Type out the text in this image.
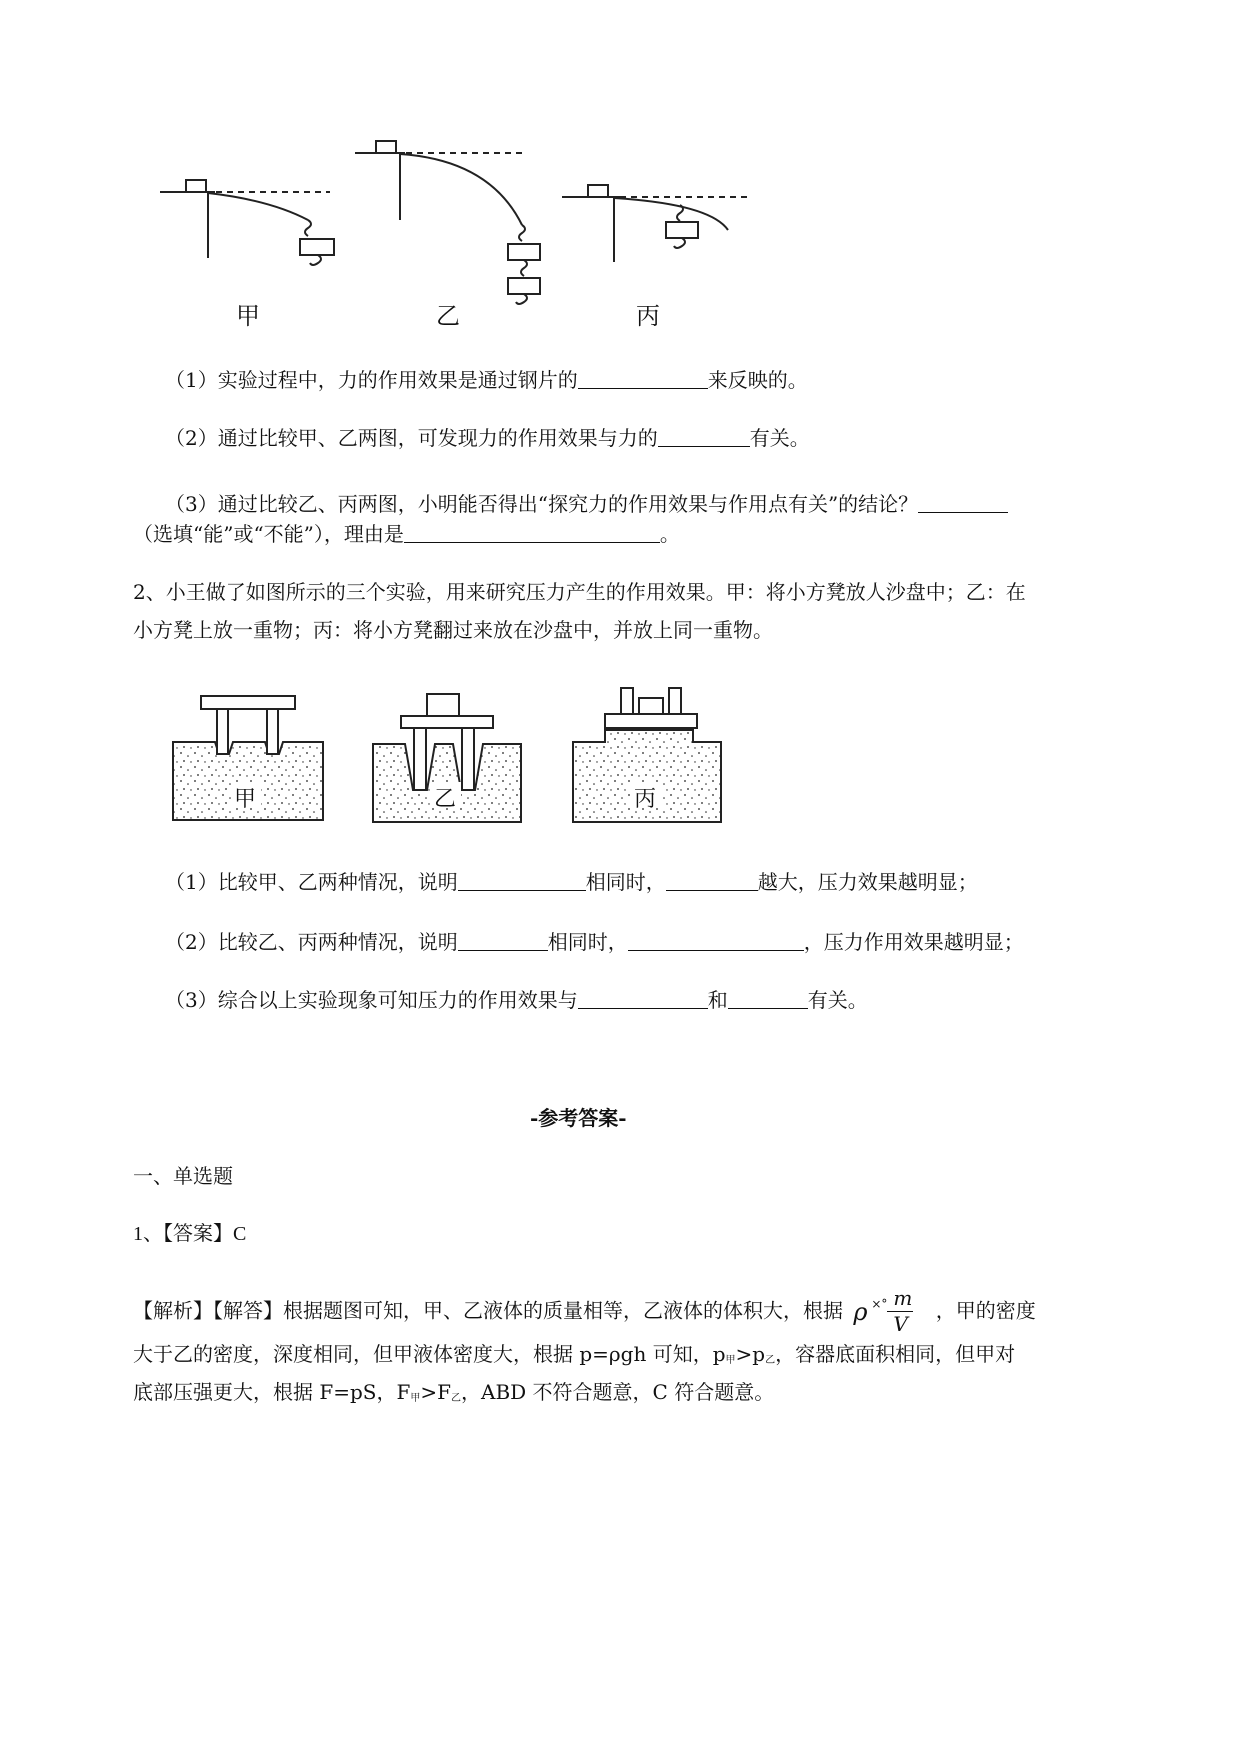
甲	乙	丙
（1）实验过程中，力的作用效果是通过钢片的	来反映的。
（2）通过比较甲、乙两图，可发现力的作用效果与力的	有关。
（3）通过比较乙、丙两图，小明能否得出“探究力的作用效果与作用点有关”的结论？
（选填“能”或“不能”），理由是	。
2、小王做了如图所示的三个实验，用来研究压力产生的作用效果。甲：将小方凳放人沙盘中；乙：在
小方凳上放一重物；丙：将小方凳翻过来放在沙盘中，并放上同一重物。
甲	乙	丙
（1）比较甲、乙两种情况，说明	相同时，	越大，压力效果越明显；
（2）比较乙、丙两种情况，说明	相同时，	，压力作用效果越明显；
（3）综合以上实验现象可知压力的作用效果与	和	有关。
-参考答案-
一、单选题
1、【答案】C
【解析】【解答】根据题图可知，甲、乙液体的质量相等，乙液体的体积大，根据 ρ ×° m
V
，甲的密度
大于乙的密度，深度相同，但甲液体密度大，根据 p=ρgh 可知，$p_甲>p_乙$，容器底面积相同，但甲对
底部压强更大，根据 F=pS，$F_甲>F_乙$，ABD 不符合题意，C 符合题意。
